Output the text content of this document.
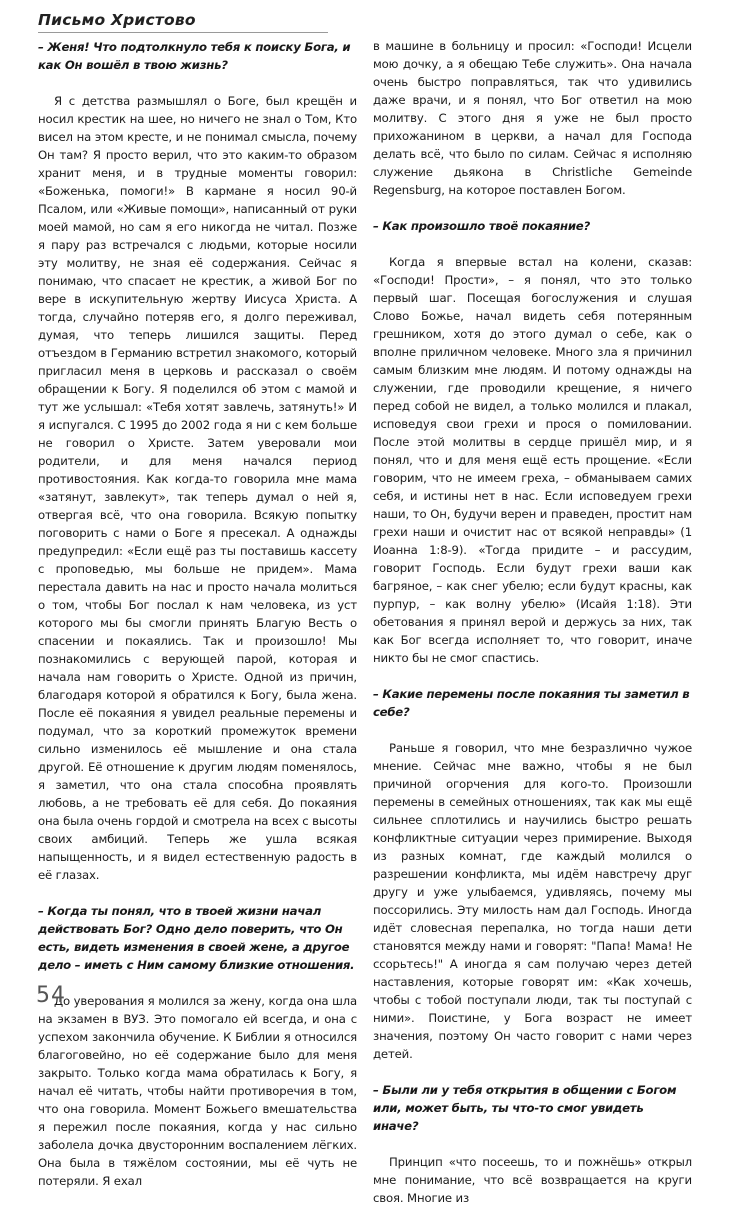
Письмо Христово

– Женя! Что подтолкнуло тебя к поиску Бога, и как Он вошёл в твою жизнь?

Я с детства размышлял о Боге, был крещён и носил крестик на шее, но ничего не знал о Том, Кто висел на этом кресте, и не понимал смысла, почему Он там? Я просто верил, что это каким-то образом хранит меня, и в трудные моменты говорил: «Боженька, помоги!» В кармане я носил 90-й Псалом, или «Живые помощи», написанный от руки моей мамой, но сам я его никогда не читал. Позже я пару раз встречался с людьми, которые носили эту молитву, не зная её содержания. Сейчас я понимаю, что спасает не крестик, а живой Бог по вере в искупительную жертву Иисуса Христа. А тогда, случайно потеряв его, я долго переживал, думая, что теперь лишился защиты. Перед отъездом в Германию встретил знакомого, который пригласил меня в церковь и рассказал о своём обращении к Богу. Я поделился об этом с мамой и тут же услышал: «Тебя хотят завлечь, затянуть!» И я испугался. С 1995 до 2002 года я ни с кем больше не говорил о Христе. Затем уверовали мои родители, и для меня начался период противостояния. Как когда-то говорила мне мама «затянут, завлекут», так теперь думал о ней я, отвергая всё, что она говорила. Всякую попытку поговорить с нами о Боге я пресекал. А однажды предупредил: «Если ещё раз ты поставишь кассету с проповедью, мы больше не придем». Мама перестала давить на нас и просто начала молиться о том, чтобы Бог послал к нам человека, из уст которого мы бы смогли принять Благую Весть о спасении и покаялись. Так и произошло! Мы познакомились с верующей парой, которая и начала нам говорить о Христе. Одной из причин, благодаря которой я обратился к Богу, была жена. После её покаяния я увидел реальные перемены и подумал, что за короткий промежуток времени сильно изменилось её мышление и она стала другой. Её отношение к другим людям поменялось, я заметил, что она стала способна проявлять любовь, а не требовать её для себя. До покаяния она была очень гордой и смотрела на всех с высоты своих амбиций. Теперь же ушла всякая напыщенность, и я видел естественную радость в её глазах.

– Когда ты понял, что в твоей жизни начал действовать Бог? Одно дело поверить, что Он есть, видеть изменения в своей жене, а другое дело – иметь с Ним самому близкие отношения.

До уверования я молился за жену, когда она шла на экзамен в ВУЗ. Это помогало ей всегда, и она с успехом закончила обучение. К Библии я относился благоговейно, но её содержание было для меня закрыто. Только когда мама обратилась к Богу, я начал её читать, чтобы найти противоречия в том, что она говорила. Момент Божьего вмешательства я пережил после покаяния, когда у нас сильно заболела дочка двусторонним воспалением лёгких. Она была в тяжёлом состоянии, мы её чуть не потеряли. Я ехал

в машине в больницу и просил: «Господи! Исцели мою дочку, а я обещаю Тебе служить». Она начала очень быстро поправляться, так что удивились даже врачи, и я понял, что Бог ответил на мою молитву. С этого дня я уже не был просто прихожанином в церкви, а начал для Господа делать всё, что было по силам. Сейчас я исполняю служение дьякона в Christliche Gemeinde Regensburg, на которое поставлен Богом.

– Как произошло твоё покаяние?

Когда я впервые встал на колени, сказав: «Господи! Прости», – я понял, что это только первый шаг. Посещая богослужения и слушая Слово Божье, начал видеть себя потерянным грешником, хотя до этого думал о себе, как о вполне приличном человеке. Много зла я причинил самым близким мне людям. И потому однажды на служении, где проводили крещение, я ничего перед собой не видел, а только молился и плакал, исповедуя свои грехи и прося о помиловании. После этой молитвы в сердце пришёл мир, и я понял, что и для меня ещё есть прощение. «Если говорим, что не имеем греха, – обманываем самих себя, и истины нет в нас. Если исповедуем грехи наши, то Он, будучи верен и праведен, простит нам грехи наши и очистит нас от всякой неправды» (1 Иоанна 1:8-9). «Тогда придите – и рассудим, говорит Господь. Если будут грехи ваши как багряное, – как снег убелю; если будут красны, как пурпур, – как волну убелю» (Исайя 1:18). Эти обетования я принял верой и держусь за них, так как Бог всегда исполняет то, что говорит, иначе никто бы не смог спастись.

– Какие перемены после покаяния ты заметил в себе?

Раньше я говорил, что мне безразлично чужое мнение. Сейчас мне важно, чтобы я не был причиной огорчения для кого-то. Произошли перемены в семейных отношениях, так как мы ещё сильнее сплотились и научились быстро решать конфликтные ситуации через примирение. Выходя из разных комнат, где каждый молился о разрешении конфликта, мы идём навстречу друг другу и уже улыбаемся, удивляясь, почему мы поссорились. Эту милость нам дал Господь. Иногда идёт словесная перепалка, но тогда наши дети становятся между нами и говорят: "Папа! Мама! Не ссорьтесь!" А иногда я сам получаю через детей наставления, которые говорят им: «Как хочешь, чтобы с тобой поступали люди, так ты поступай с ними». Поистине, у Бога возраст не имеет значения, поэтому Он часто говорит с нами через детей.

– Были ли у тебя открытия в общении с Богом или, может быть, ты что-то смог увидеть иначе?

Принцип «что посеешь, то и пожнёшь» открыл мне понимание, что всё возвращается на круги своя. Многие из

54
